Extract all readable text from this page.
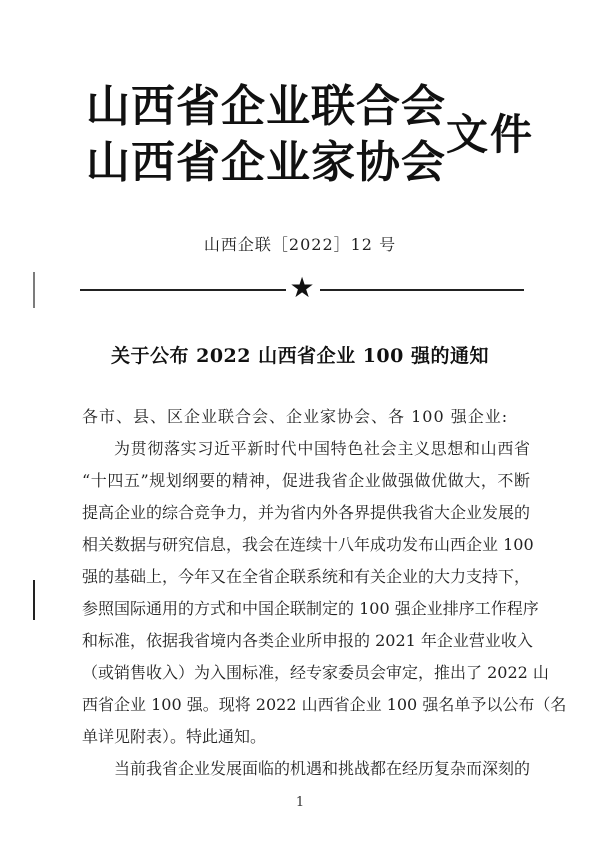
山西省企业联合会
山西省企业家协会
文件
山西企联［2022］12 号
★
关于公布 2022 山西省企业 100 强的通知
各市、县、区企业联合会、企业家协会、各 100 强企业:
为贯彻落实习近平新时代中国特色社会主义思想和山西省
“十四五”规划纲要的精神，促进我省企业做强做优做大，不断
提高企业的综合竞争力，并为省内外各界提供我省大企业发展的
相关数据与研究信息，我会在连续十八年成功发布山西企业 100
强的基础上，今年又在全省企联系统和有关企业的大力支持下，
参照国际通用的方式和中国企联制定的 100 强企业排序工作程序
和标准，依据我省境内各类企业所申报的 2021 年企业营业收入
（或销售收入）为入围标准，经专家委员会审定，推出了 2022 山
西省企业 100 强。现将 2022 山西省企业 100 强名单予以公布（名
单详见附表）。特此通知。
当前我省企业发展面临的机遇和挑战都在经历复杂而深刻的
1
